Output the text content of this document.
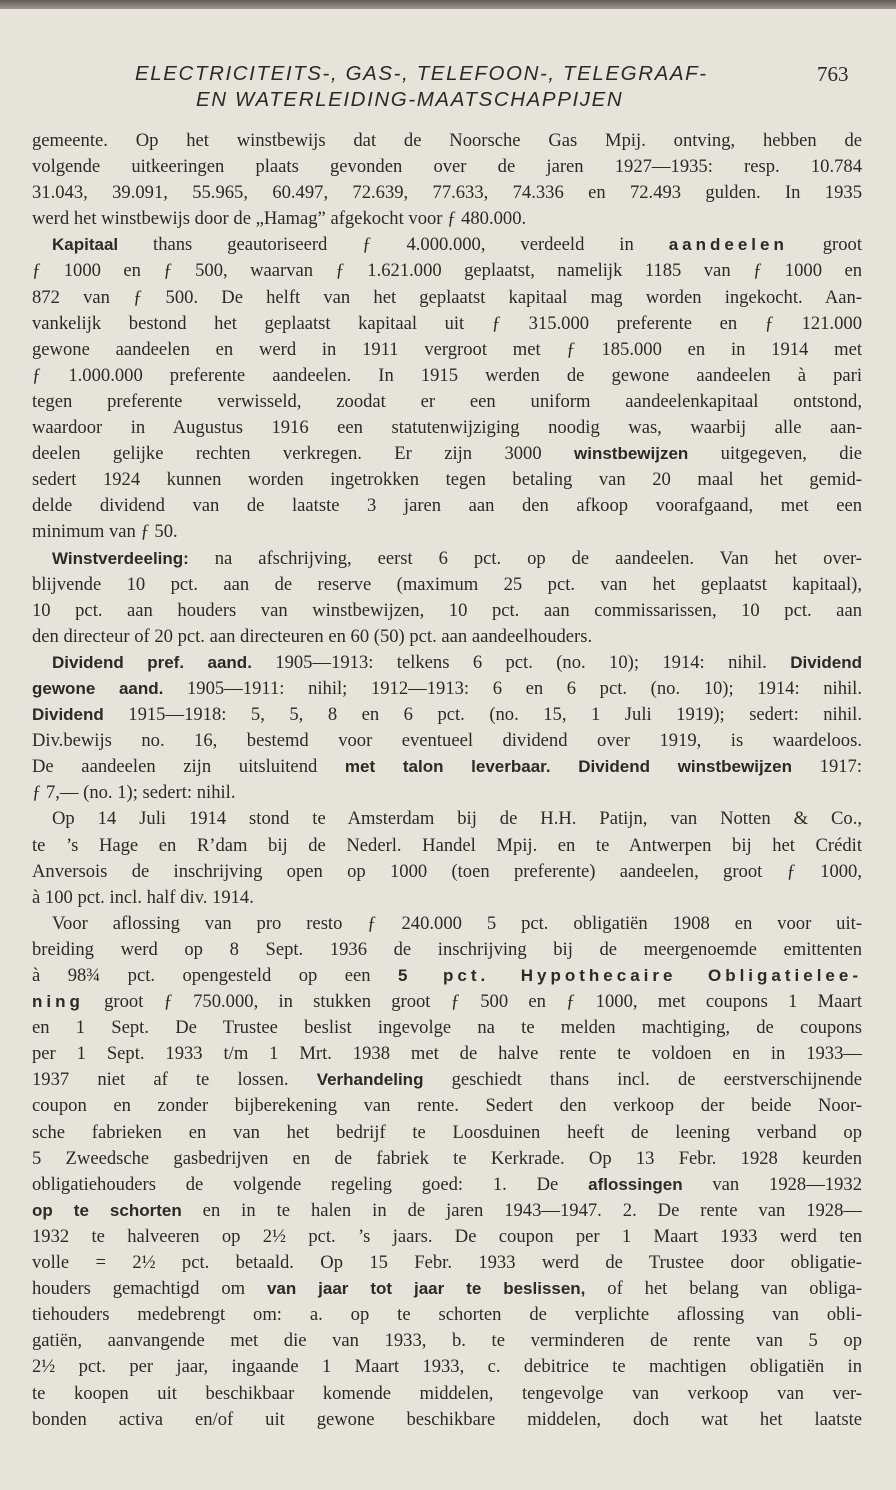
ELECTRICITEITS-, GAS-, TELEFOON-, TELEGRAAF-
EN WATERLEIDING-MAATSCHAPPIJEN
763
gemeente. Op het winstbewijs dat de Noorsche Gas Mpij. ontving, hebben de
volgende uitkeeringen plaats gevonden over de jaren 1927—1935: resp. 10.784
31.043, 39.091, 55.965, 60.497, 72.639, 77.633, 74.336 en 72.493 gulden. In 1935
werd het winstbewijs door de „Hamag” afgekocht voor ƒ 480.000.
Kapitaal thans geautoriseerd ƒ 4.000.000, verdeeld in aandeelen groot
ƒ 1000 en ƒ 500, waarvan ƒ 1.621.000 geplaatst, namelijk 1185 van ƒ 1000 en
872 van ƒ 500. De helft van het geplaatst kapitaal mag worden ingekocht. Aan-
vankelijk bestond het geplaatst kapitaal uit ƒ 315.000 preferente en ƒ 121.000
gewone aandeelen en werd in 1911 vergroot met ƒ 185.000 en in 1914 met
ƒ 1.000.000 preferente aandeelen. In 1915 werden de gewone aandeelen à pari
tegen preferente verwisseld, zoodat er een uniform aandeelenkapitaal ontstond,
waardoor in Augustus 1916 een statutenwijziging noodig was, waarbij alle aan-
deelen gelijke rechten verkregen. Er zijn 3000 winstbewijzen uitgegeven, die
sedert 1924 kunnen worden ingetrokken tegen betaling van 20 maal het gemid-
delde dividend van de laatste 3 jaren aan den afkoop voorafgaand, met een
minimum van ƒ 50.
Winstverdeeling: na afschrijving, eerst 6 pct. op de aandeelen. Van het over-
blijvende 10 pct. aan de reserve (maximum 25 pct. van het geplaatst kapitaal),
10 pct. aan houders van winstbewijzen, 10 pct. aan commissarissen, 10 pct. aan
den directeur of 20 pct. aan directeuren en 60 (50) pct. aan aandeelhouders.
Dividend pref. aand. 1905—1913: telkens 6 pct. (no. 10); 1914: nihil. Dividend
gewone aand. 1905—1911: nihil; 1912—1913: 6 en 6 pct. (no. 10); 1914: nihil.
Dividend 1915—1918: 5, 5, 8 en 6 pct. (no. 15, 1 Juli 1919); sedert: nihil.
Div.bewijs no. 16, bestemd voor eventueel dividend over 1919, is waardeloos.
De aandeelen zijn uitsluitend met talon leverbaar. Dividend winstbewijzen 1917:
ƒ 7,— (no. 1); sedert: nihil.
Op 14 Juli 1914 stond te Amsterdam bij de H.H. Patijn, van Notten & Co.,
te ’s Hage en R’dam bij de Nederl. Handel Mpij. en te Antwerpen bij het Crédit
Anversois de inschrijving open op 1000 (toen preferente) aandeelen, groot ƒ 1000,
à 100 pct. incl. half div. 1914.
Voor aflossing van pro resto ƒ 240.000 5 pct. obligatiën 1908 en voor uit-
breiding werd op 8 Sept. 1936 de inschrijving bij de meergenoemde emittenten
à 98¾ pct. opengesteld op een 5 pct. Hypothecaire Obligatielee-
ning groot ƒ 750.000, in stukken groot ƒ 500 en ƒ 1000, met coupons 1 Maart
en 1 Sept. De Trustee beslist ingevolge na te melden machtiging, de coupons
per 1 Sept. 1933 t/m 1 Mrt. 1938 met de halve rente te voldoen en in 1933—
1937 niet af te lossen. Verhandeling geschiedt thans incl. de eerstverschijnende
coupon en zonder bijberekening van rente. Sedert den verkoop der beide Noor-
sche fabrieken en van het bedrijf te Loosduinen heeft de leening verband op
5 Zweedsche gasbedrijven en de fabriek te Kerkrade. Op 13 Febr. 1928 keurden
obligatiehouders de volgende regeling goed: 1. De aflossingen van 1928—1932
op te schorten en in te halen in de jaren 1943—1947. 2. De rente van 1928—
1932 te halveeren op 2½ pct. ’s jaars. De coupon per 1 Maart 1933 werd ten
volle = 2½ pct. betaald. Op 15 Febr. 1933 werd de Trustee door obligatie-
houders gemachtigd om van jaar tot jaar te beslissen, of het belang van obliga-
tiehouders medebrengt om: a. op te schorten de verplichte aflossing van obli-
gatiën, aanvangende met die van 1933, b. te verminderen de rente van 5 op
2½ pct. per jaar, ingaande 1 Maart 1933, c. debitrice te machtigen obligatiën in
te koopen uit beschikbaar komende middelen, tengevolge van verkoop van ver-
bonden activa en/of uit gewone beschikbare middelen, doch wat het laatste
